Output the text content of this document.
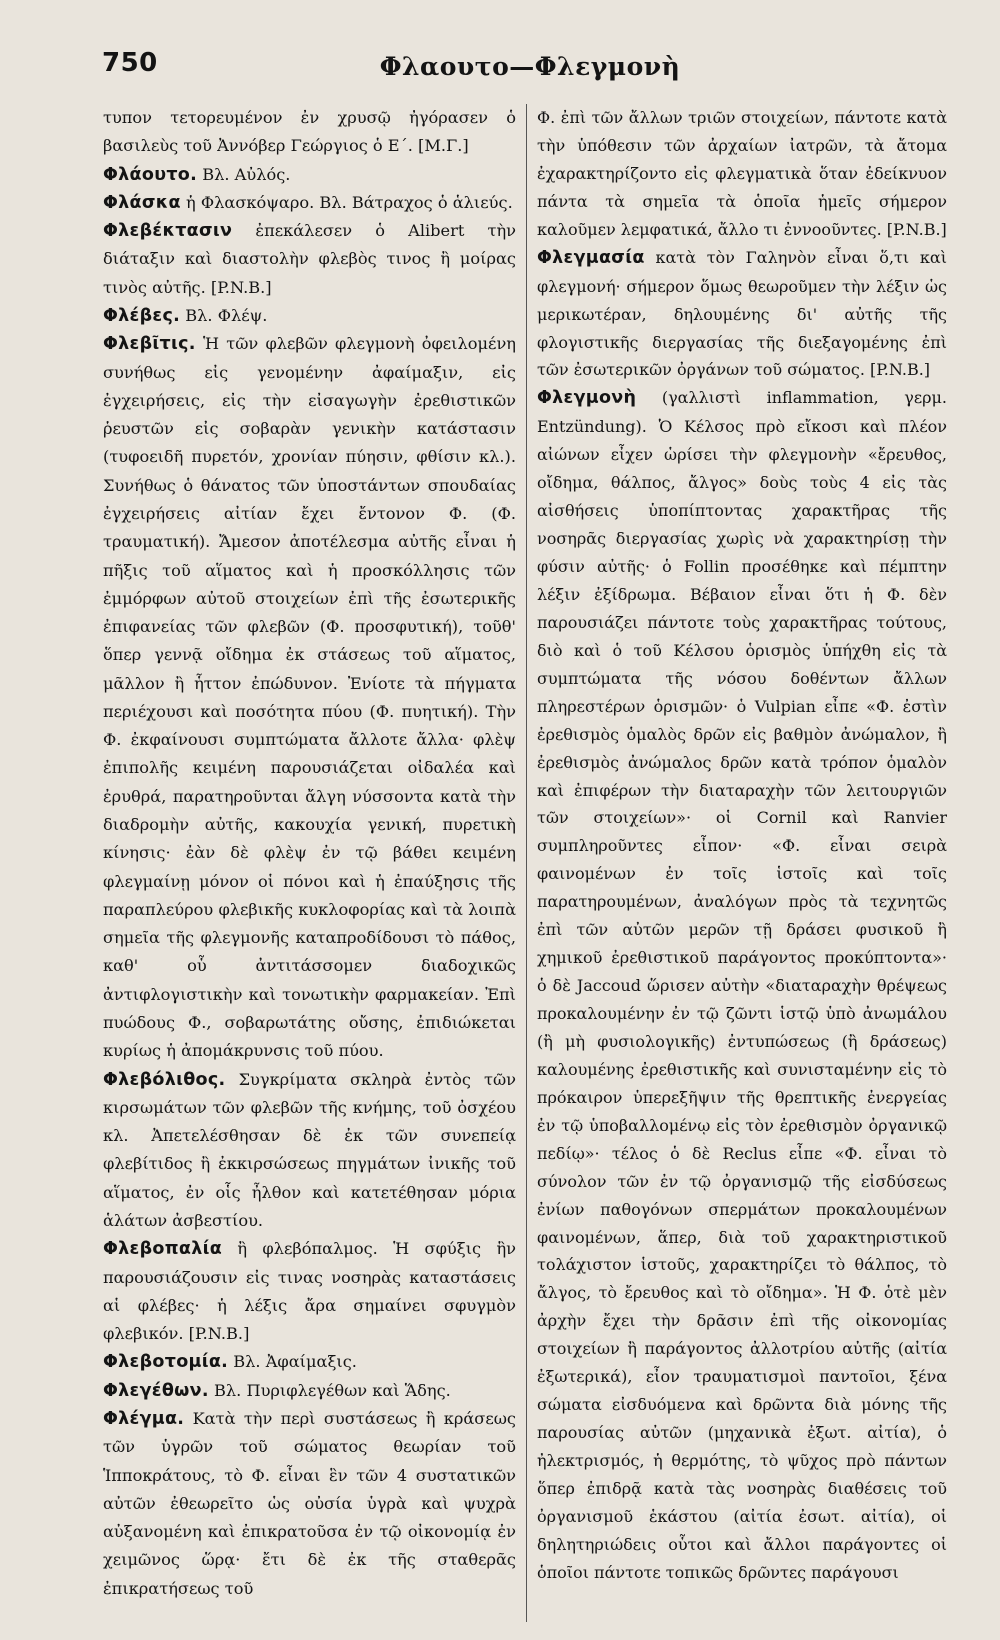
750	Φλαουτο—Φλεγμονὴ

τυπον τετορευμένον ἐν χρυσῷ ἠγόρασεν ὁ βασιλεὺς τοῦ Ἀννόβερ Γεώργιος ὁ Ε΄. [Μ.Γ.]

Φλάουτο. Βλ. Αὐλός.

Φλάσκα ἡ Φλασκόψαρο. Βλ. Βάτραχος ὁ ἁλιεύς.

Φλεβέκτασιν ἐπεκάλεσεν ὁ Alibert τὴν διάταξιν καὶ διαστολὴν φλεβὸς τινος ἢ μοίρας τινὸς αὐτῆς. [P.N.B.]

Φλέβες. Βλ. Φλέψ.

Φλεβῖτις. Ἡ τῶν φλεβῶν φλεγμονὴ ὀφειλομένη συνήθως εἰς γενομένην ἀφαίμαξιν, εἰς ἐγχειρήσεις, εἰς τὴν εἰσαγωγὴν ἐρεθιστικῶν ῥευστῶν εἰς σοβαρὰν γενικὴν κατάστασιν (τυφοειδῆ πυρετόν, χρονίαν πύησιν, φθίσιν κλ.). Συνήθως ὁ θάνατος τῶν ὑποστάντων σπουδαίας ἐγχειρήσεις αἰτίαν ἔχει ἔντονον Φ. (Φ. τραυματική). Ἄμεσον ἀποτέλεσμα αὐτῆς εἶναι ἡ πῆξις τοῦ αἵματος καὶ ἡ προσκόλλησις τῶν ἐμμόρφων αὐτοῦ στοιχείων ἐπὶ τῆς ἐσωτερικῆς ἐπιφανείας τῶν φλεβῶν (Φ. προσφυτική), τοῦθ' ὅπερ γεννᾷ οἴδημα ἐκ στάσεως τοῦ αἵματος, μᾶλλον ἢ ἧττον ἐπώδυνον. Ἐνίοτε τὰ πήγματα περιέχουσι καὶ ποσότητα πύου (Φ. πυητική). Τὴν Φ. ἐκφαίνουσι συμπτώματα ἄλλοτε ἄλλα· φλὲψ ἐπιπολῆς κειμένη παρουσιάζεται οἰδαλέα καὶ ἐρυθρά, παρατηροῦνται ἄλγη νύσσοντα κατὰ τὴν διαδρομὴν αὐτῆς, κακουχία γενική, πυρετικὴ κίνησις· ἐὰν δὲ φλὲψ ἐν τῷ βάθει κειμένη φλεγμαίνῃ μόνον οἱ πόνοι καὶ ἡ ἐπαύξησις τῆς παραπλεύρου φλεβικῆς κυκλοφορίας καὶ τὰ λοιπὰ σημεῖα τῆς φλεγμονῆς καταπροδίδουσι τὸ πάθος, καθ' οὗ ἀντιτάσσομεν διαδοχικῶς ἀντιφλογιστικὴν καὶ τονωτικὴν φαρμακείαν. Ἐπὶ πυώδους Φ., σοβαρωτάτης οὔσης, ἐπιδιώκεται κυρίως ἡ ἀπομάκρυνσις τοῦ πύου.

Φλεβόλιθος. Συγκρίματα σκληρὰ ἐντὸς τῶν κιρσωμάτων τῶν φλεβῶν τῆς κνήμης, τοῦ ὀσχέου κλ. Ἀπετελέσθησαν δὲ ἐκ τῶν συνεπείᾳ φλεβίτιδος ἢ ἐκκιρσώσεως πηγμάτων ἰνικῆς τοῦ αἵματος, ἐν οἷς ἦλθον καὶ κατετέθησαν μόρια ἁλάτων ἀσβεστίου.

Φλεβοπαλία ἢ φλεβόπαλμος. Ἡ σφύξις ἣν παρουσιάζουσιν εἰς τινας νοσηρὰς καταστάσεις αἱ φλέβες· ἡ λέξις ἄρα σημαίνει σφυγμὸν φλεβικόν. [P.N.B.]

Φλεβοτομία. Βλ. Ἀφαίμαξις.

Φλεγέθων. Βλ. Πυριφλεγέθων καὶ Ἅδης.

Φλέγμα. Κατὰ τὴν περὶ συστάσεως ἢ κράσεως τῶν ὑγρῶν τοῦ σώματος θεωρίαν τοῦ Ἱπποκράτους, τὸ Φ. εἶναι ἓν τῶν 4 συστατικῶν αὐτῶν ἐθεωρεῖτο ὡς οὐσία ὑγρὰ καὶ ψυχρὰ αὐξανομένη καὶ ἐπικρατοῦσα ἐν τῷ οἰκονομίᾳ ἐν χειμῶνος ὥρᾳ· ἔτι δὲ ἐκ τῆς σταθερᾶς ἐπικρατήσεως τοῦ

Φ. ἐπὶ τῶν ἄλλων τριῶν στοιχείων, πάντοτε κατὰ τὴν ὑπόθεσιν τῶν ἀρχαίων ἰατρῶν, τὰ ἄτομα ἐχαρακτηρίζοντο εἰς φλεγματικὰ ὅταν ἐδείκνυον πάντα τὰ σημεῖα τὰ ὁποῖα ἡμεῖς σήμερον καλοῦμεν λεμφατικά, ἄλλο τι ἐννοοῦντες. [P.N.B.]

Φλεγμασία κατὰ τὸν Γαληνὸν εἶναι ὅ,τι καὶ φλεγμονή· σήμερον ὅμως θεωροῦμεν τὴν λέξιν ὡς μερικωτέραν, δηλουμένης δι' αὐτῆς τῆς φλογιστικῆς διεργασίας τῆς διεξαγομένης ἐπὶ τῶν ἐσωτερικῶν ὀργάνων τοῦ σώματος. [P.N.B.]

Φλεγμονὴ (γαλλιστὶ inflammation, γερμ. Entzündung). Ὁ Κέλσος πρὸ εἴκοσι καὶ πλέον αἰώνων εἶχεν ὡρίσει τὴν φλεγμονὴν «ἔρευθος, οἴδημα, θάλπος, ἄλγος» δοὺς τοὺς 4 εἰς τὰς αἰσθήσεις ὑποπίπτοντας χαρακτῆρας τῆς νοσηρᾶς διεργασίας χωρὶς νὰ χαρακτηρίσῃ τὴν φύσιν αὐτῆς· ὁ Follin προσέθηκε καὶ πέμπτην λέξιν ἐξίδρωμα. Βέβαιον εἶναι ὅτι ἡ Φ. δὲν παρουσιάζει πάντοτε τοὺς χαρακτῆρας τούτους, διὸ καὶ ὁ τοῦ Κέλσου ὁρισμὸς ὑπήχθη εἰς τὰ συμπτώματα τῆς νόσου δοθέντων ἄλλων πληρεστέρων ὁρισμῶν· ὁ Vulpian εἶπε «Φ. ἐστὶν ἐρεθισμὸς ὁμαλὸς δρῶν εἰς βαθμὸν ἀνώμαλον, ἢ ἐρεθισμὸς ἀνώμαλος δρῶν κατὰ τρόπον ὁμαλὸν καὶ ἐπιφέρων τὴν διαταραχὴν τῶν λειτουργιῶν τῶν στοιχείων»· οἱ Cornil καὶ Ranvier συμπληροῦντες εἶπον· «Φ. εἶναι σειρὰ φαινομένων ἐν τοῖς ἱστοῖς καὶ τοῖς παρατηρουμένων, ἀναλόγων πρὸς τὰ τεχνητῶς ἐπὶ τῶν αὐτῶν μερῶν τῇ δράσει φυσικοῦ ἢ χημικοῦ ἐρεθιστικοῦ παράγοντος προκύπτοντα»· ὁ δὲ Jaccoud ὥρισεν αὐτὴν «διαταραχὴν θρέψεως προκαλουμένην ἐν τῷ ζῶντι ἱστῷ ὑπὸ ἀνωμάλου (ἢ μὴ φυσιολογικῆς) ἐντυπώσεως (ἢ δράσεως) καλουμένης ἐρεθιστικῆς καὶ συνισταμένην εἰς τὸ πρόκαιρον ὑπερεξῆψιν τῆς θρεπτικῆς ἐνεργείας ἐν τῷ ὑποβαλλομένῳ εἰς τὸν ἐρεθισμὸν ὀργανικῷ πεδίῳ»· τέλος ὁ δὲ Reclus εἶπε «Φ. εἶναι τὸ σύνολον τῶν ἐν τῷ ὀργανισμῷ τῆς εἰσδύσεως ἐνίων παθογόνων σπερμάτων προκαλουμένων φαινομένων, ἅπερ, διὰ τοῦ χαρακτηριστικοῦ τολάχιστον ἱστοῦς, χαρακτηρίζει τὸ θάλπος, τὸ ἄλγος, τὸ ἔρευθος καὶ τὸ οἴδημα». Ἡ Φ. ὁτὲ μὲν ἀρχὴν ἔχει τὴν δρᾶσιν ἐπὶ τῆς οἰκονομίας στοιχείων ἢ παράγοντος ἀλλοτρίου αὐτῆς (αἰτία ἐξωτερικά), εἶον τραυματισμοὶ παντοῖοι, ξένα σώματα εἰσδυόμενα καὶ δρῶντα διὰ μόνης τῆς παρουσίας αὐτῶν (μηχανικὰ ἐξωτ. αἰτία), ὁ ἠλεκτρισμός, ἡ θερμότης, τὸ ψῦχος πρὸ πάντων ὅπερ ἐπιδρᾷ κατὰ τὰς νοσηρὰς διαθέσεις τοῦ ὀργανισμοῦ ἑκάστου (αἰτία ἐσωτ. αἰτία), οἱ δηλητηριώδεις οὗτοι καὶ ἄλλοι παράγοντες οἱ ὁποῖοι πάντοτε τοπικῶς δρῶντες παράγουσι
